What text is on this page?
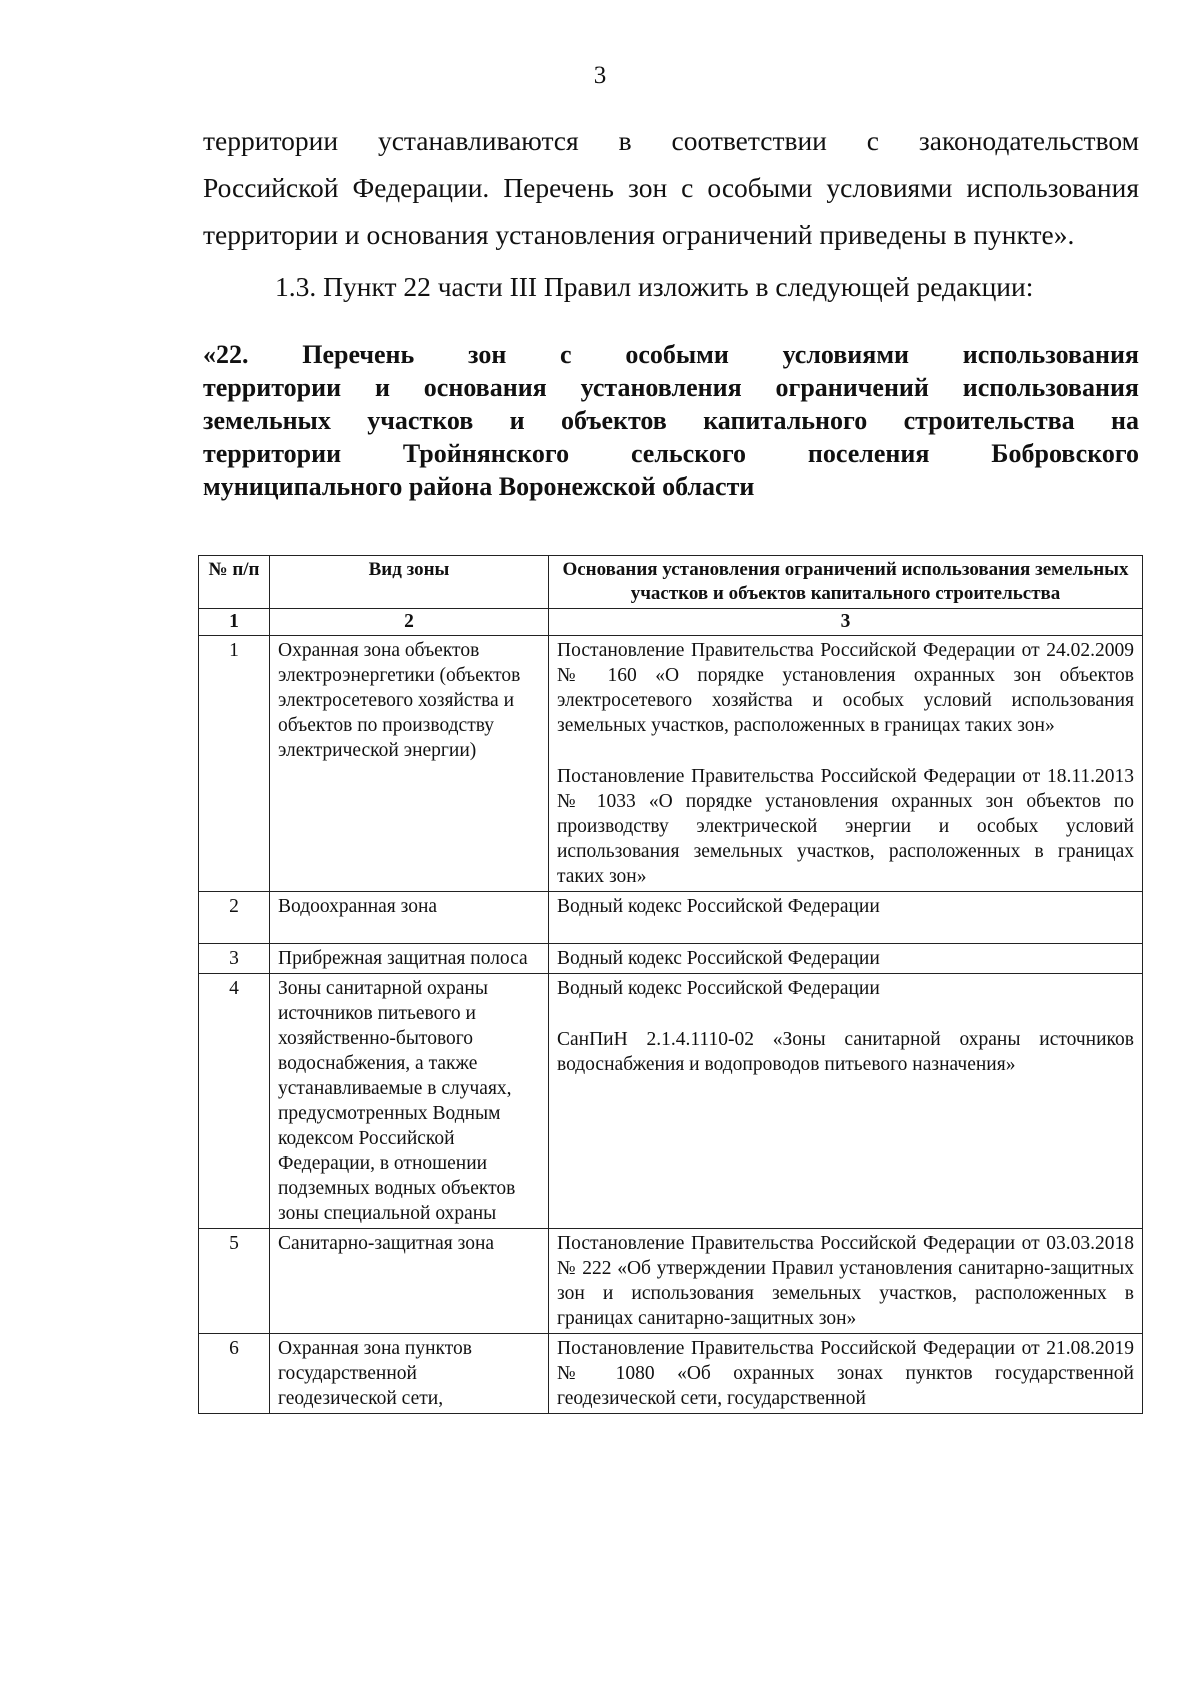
3
территории устанавливаются в соответствии с законодательством
Российской Федерации. Перечень зон с особыми условиями использования
территории и основания установления ограничений приведены в пункте».
1.3. Пункт 22 части III Правил изложить в следующей редакции:
«22. Перечень зон с особыми условиями использования
территории и основания установления ограничений использования
земельных участков и объектов капитального строительства на
территории Тройнянского сельского поселения Бобровского
муниципального района Воронежской области
№ п/п	Вид зоны	Основания установления ограничений использования земельных участков и объектов капитального строительства
1	2	3
1	Охранная зона объектов электроэнергетики (объектов электросетевого хозяйства и объектов по производству электрической энергии)	Постановление Правительства Российской Федерации от 24.02.2009 № 160 «О порядке установления охранных зон объектов электросетевого хозяйства и особых условий использования земельных участков, расположенных в границах таких зон»

Постановление Правительства Российской Федерации от 18.11.2013 № 1033 «О порядке установления охранных зон объектов по производству электрической энергии и особых условий использования земельных участков, расположенных в границах таких зон»

2	Водоохранная зона	Водный кодекс Российской Федерации

3	Прибрежная защитная полоса	Водный кодекс Российской Федерации

4	Зоны санитарной охраны источников питьевого и хозяйственно-бытового водоснабжения, а также устанавливаемые в случаях, предусмотренных Водным кодексом Российской Федерации, в отношении подземных водных объектов зоны специальной охраны	Водный кодекс Российской Федерации

СанПиН 2.1.4.1110-02 «Зоны санитарной охраны источников водоснабжения и водопроводов питьевого назначения»

5	Санитарно-защитная зона	Постановление Правительства Российской Федерации от 03.03.2018 № 222 «Об утверждении Правил установления санитарно-защитных зон и использования земельных участков, расположенных в границах санитарно-защитных зон»

6	Охранная зона пунктов государственной геодезической сети,	Постановление Правительства Российской Федерации от 21.08.2019 № 1080 «Об охранных зонах пунктов государственной геодезической сети, государственной
